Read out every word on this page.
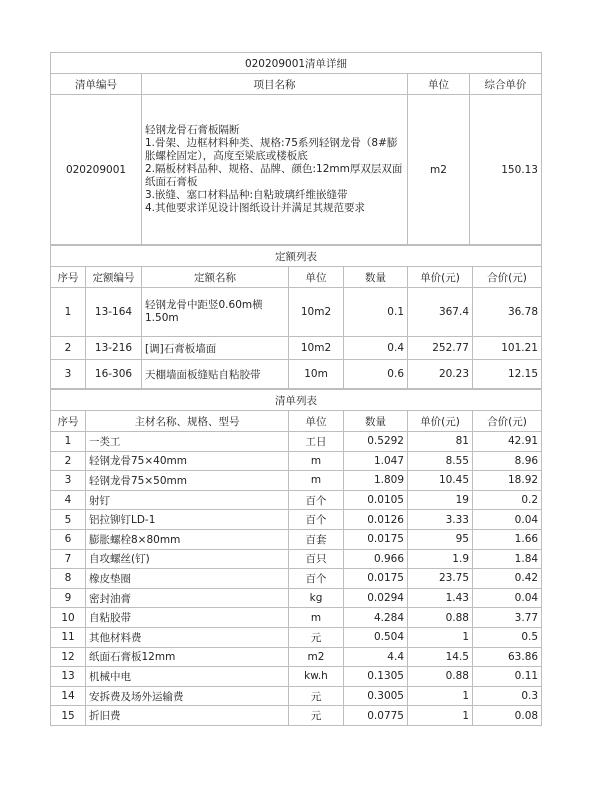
020209001清单详细			
清单编号	项目名称	单位	综合单价
020209001	轻钢龙骨石膏板隔断
1.骨架、边框材料种类、规格:75系列轻钢龙骨（8#膨胀螺栓固定），高度至梁底或楼板底
2.隔板材料品种、规格、品牌、颜色:12mm厚双层双面纸面石膏板
3.嵌缝、塞口材料品种:自粘玻璃纤维嵌缝带
4.其他要求详见设计图纸设计并满足其规范要求	m2	150.13
定额列表						
序号	定额编号	定额名称	单位	数量	单价(元)	合价(元)
1	13-164	轻钢龙骨中距竖0.60m横1.50m	10m2	0.1	367.4	36.78
2	13-216	[调]石膏板墙面	10m2	0.4	252.77	101.21
3	16-306	天棚墙面板缝贴自粘胶带	10m	0.6	20.23	12.15
清单列表					
序号	主材名称、规格、型号	单位	数量	单价(元)	合价(元)
1	一类工	工日	0.5292	81	42.91
2	轻钢龙骨75×40mm	m	1.047	8.55	8.96
3	轻钢龙骨75×50mm	m	1.809	10.45	18.92
4	射钉	百个	0.0105	19	0.2
5	铝拉铆钉LD-1	百个	0.0126	3.33	0.04
6	膨胀螺栓8×80mm	百套	0.0175	95	1.66
7	自攻螺丝(钉)	百只	0.966	1.9	1.84
8	橡皮垫圈	百个	0.0175	23.75	0.42
9	密封油膏	kg	0.0294	1.43	0.04
10	自粘胶带	m	4.284	0.88	3.77
11	其他材料费	元	0.504	1	0.5
12	纸面石膏板12mm	m2	4.4	14.5	63.86
13	机械中电	kw.h	0.1305	0.88	0.11
14	安拆费及场外运输费	元	0.3005	1	0.3
15	折旧费	元	0.0775	1	0.08
